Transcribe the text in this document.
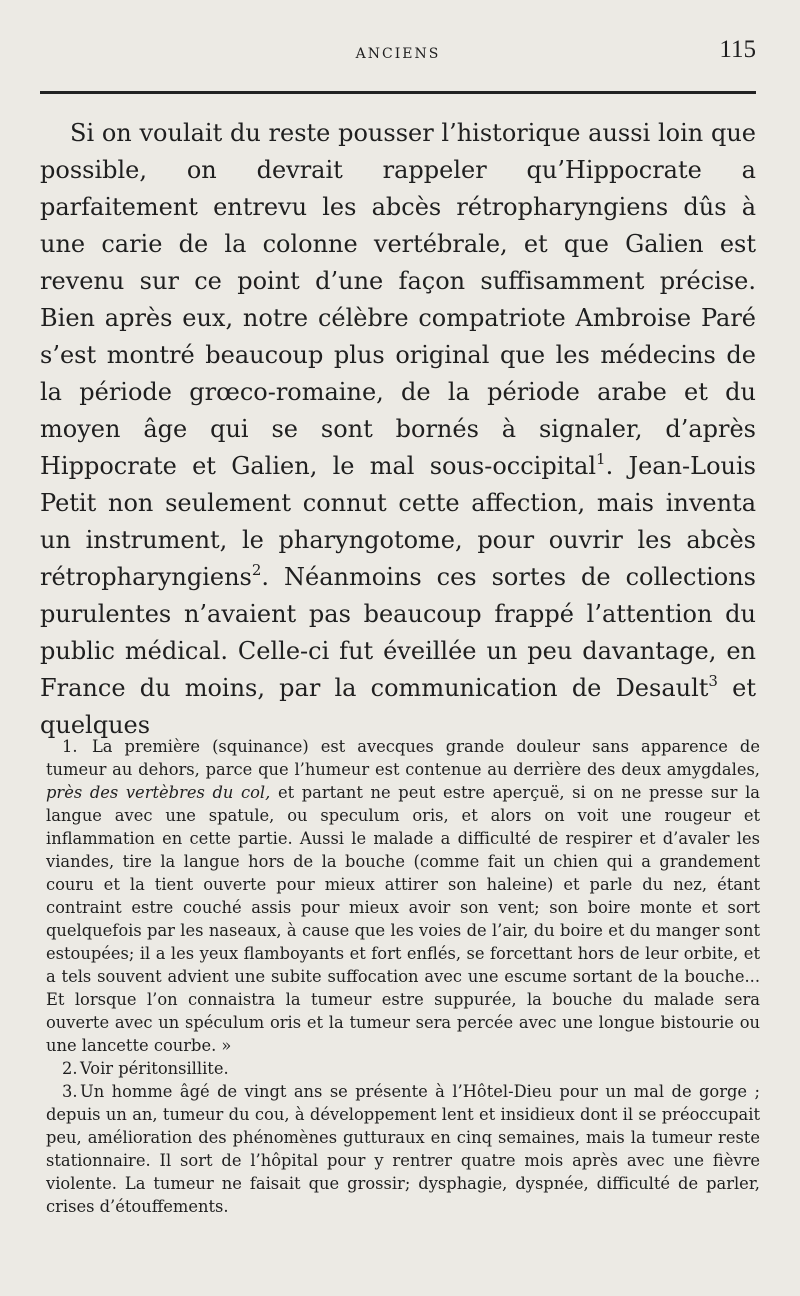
ANCIENS	115

Si on voulait du reste pousser l’historique aussi loin que possible, on devrait rappeler qu’Hippocrate a parfaitement entrevu les abcès rétropharyngiens dûs à une carie de la colonne vertébrale, et que Galien est revenu sur ce point d’une façon suffisamment précise. Bien après eux, notre célèbre compatriote Ambroise Paré s’est montré beaucoup plus original que les médecins de la période grœco-romaine, de la période arabe et du moyen âge qui se sont bornés à signaler, d’après Hippocrate et Galien, le mal sous-occipital$^1$. Jean-Louis Petit non seulement connut cette affection, mais inventa un instrument, le pharyngotome, pour ouvrir les abcès rétropharyngiens$^2$. Néanmoins ces sortes de collections purulentes n’avaient pas beaucoup frappé l’attention du public médical. Celle-ci fut éveillée un peu davantage, en France du moins, par la communication de Desault$^3$ et quelques

1. La première (squinance) est avecques grande douleur sans apparence de tumeur au dehors, parce que l’humeur est contenue au derrière des deux amygdales, près des vertèbres du col, et partant ne peut estre aperçuë, si on ne presse sur la langue avec une spatule, ou speculum oris, et alors on voit une rougeur et inflammation en cette partie. Aussi le malade a difficulté de respirer et d’avaler les viandes, tire la langue hors de la bouche (comme fait un chien qui a grandement couru et la tient ouverte pour mieux attirer son haleine) et parle du nez, étant contraint estre couché assis pour mieux avoir son vent; son boire monte et sort quelquefois par les naseaux, à cause que les voies de l’air, du boire et du manger sont estoupées; il a les yeux flamboyants et fort enflés, se forcettant hors de leur orbite, et a tels souvent advient une subite suffocation avec une escume sortant de la bouche... Et lorsque l’on connaistra la tumeur estre suppurée, la bouche du malade sera ouverte avec un spéculum oris et la tumeur sera percée avec une longue bistourie ou une lancette courbe. »

2. Voir péritonsillite.

3. Un homme âgé de vingt ans se présente à l’Hôtel-Dieu pour un mal de gorge ; depuis un an, tumeur du cou, à développement lent et insidieux dont il se préoccupait peu, amélioration des phénomènes gutturaux en cinq semaines, mais la tumeur reste stationnaire. Il sort de l’hôpital pour y rentrer quatre mois après avec une fièvre violente. La tumeur ne faisait que grossir; dysphagie, dyspnée, difficulté de parler, crises d’étouffements.
